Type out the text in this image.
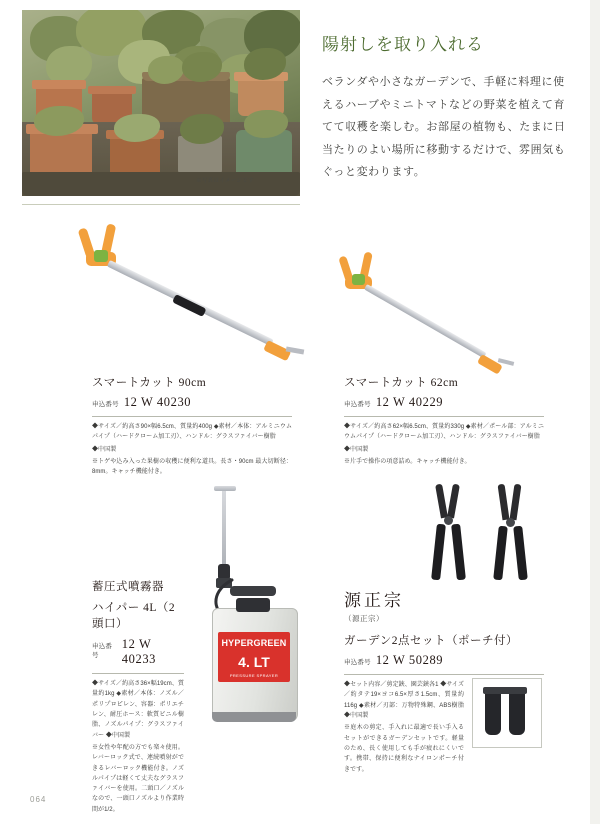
※写真はイメージです
陽射しを取り入れる

ベランダや小さなガーデンで、手軽に料理に使えるハーブやミニトマトなどの野菜を植えて育てて収穫を楽しむ。お部屋の植物も、たまに日当たりのよい場所に移動するだけで、雰囲気もぐっと変わります。

スマートカット 90cm
申込番号 12 W 40230

◆サイズ／約高さ90×幅6.5cm、質量約400g ◆素材／本体：アルミニウムパイプ（ハードクローム加工刃）、ハンドル：グラスファイバー樹脂

◆中国製

※トゲや込み入った果樹の収穫に便利な道具。長さ・90cm 最大切断径：8mm。キャッチ機能付き。

スマートカット 62cm
申込番号 12 W 40229

◆サイズ／約高さ62×幅6.5cm、質量約330g ◆素材／ポール部：アルミニウムパイプ（ハードクローム加工刃）、ハンドル：グラスファイバー樹脂

◆中国製

※片手で操作の項意詰め。キャッチ機能付き。

HYPERGREEN
4. LT
PRESSURE SPRAYER
蓄圧式噴霧器
ハイパー 4L（2頭口）
申込番号
12 W 40233

◆サイズ／約高さ36×幅19cm、質量約1kg ◆素材／本体：ノズル／ポリプロピレン、容器：ポリエチレン、耐圧ホース：軟質ビニル樹脂、ノズルパイプ：グラスファイバー ◆中国製

※女性や年配の方でも楽々使用。レバーロック式で、連続噴射ができるレバーロック機能付き。ノズルパイプは軽くて丈夫なグラスファイバーを使用。二頭口／ノズルなので、一頭口ノズルより作業時間が1/2。

源正宗
（源正宗）
ガーデン2点セット（ポーチ付）
申込番号 12 W 50289

◆セット内容／剪定鋏、園芸鋏各1 ◆サイズ／約タテ19×ヨコ6.5×厚さ1.5cm、質量約116g ◆素材／刃部：万物特殊鋼、ABS樹脂 ◆中国製

※庭木の剪定、手入れに最適で長い手入るセットができるガーデンセットです。軽量のため、長く使用しても手が疲れにくいです。携帯、保持に便利なナイロンポーチ付きです。

064
